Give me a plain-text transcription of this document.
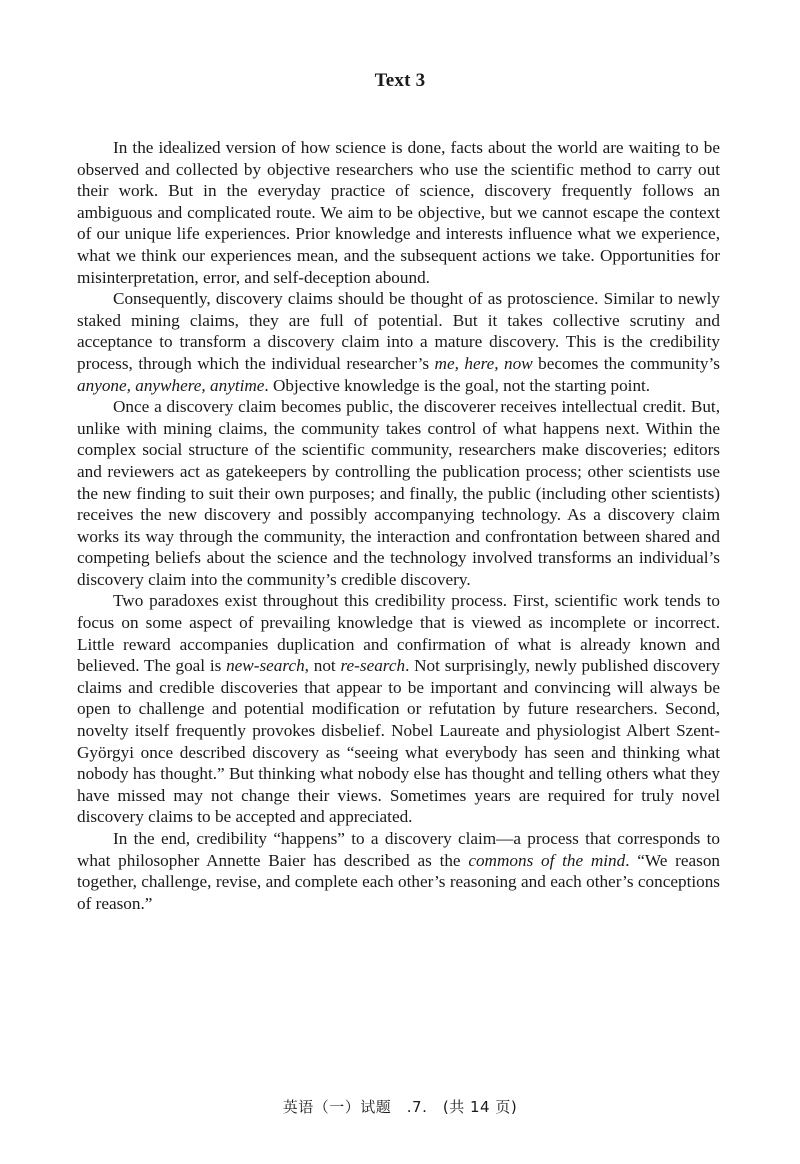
Text 3

In the idealized version of how science is done, facts about the world are waiting to be observed and collected by objective researchers who use the scientific method to carry out their work. But in the everyday practice of science, discovery frequently follows an ambiguous and complicated route. We aim to be objective, but we cannot escape the context of our unique life experiences. Prior knowledge and interests influence what we experience, what we think our experiences mean, and the subsequent actions we take. Opportunities for misinterpretation, error, and self-deception abound.

Consequently, discovery claims should be thought of as protoscience. Similar to newly staked mining claims, they are full of potential. But it takes collective scrutiny and acceptance to transform a discovery claim into a mature discovery. This is the credibility process, through which the individual researcher’s me, here, now becomes the community’s anyone, anywhere, anytime. Objective knowledge is the goal, not the starting point.

Once a discovery claim becomes public, the discoverer receives intellectual credit. But, unlike with mining claims, the community takes control of what happens next. Within the complex social structure of the scientific community, researchers make discoveries; editors and reviewers act as gatekeepers by controlling the publication process; other scientists use the new finding to suit their own purposes; and finally, the public (including other scientists) receives the new discovery and possibly accompanying technology. As a discovery claim works its way through the community, the interaction and confrontation between shared and competing beliefs about the science and the technology involved transforms an individual’s discovery claim into the community’s credible discovery.

Two paradoxes exist throughout this credibility process. First, scientific work tends to focus on some aspect of prevailing knowledge that is viewed as incomplete or incorrect. Little reward accompanies duplication and confirmation of what is already known and believed. The goal is new-search, not re-search. Not surprisingly, newly published discovery claims and credible discoveries that appear to be important and convincing will always be open to challenge and potential modification or refutation by future researchers. Second, novelty itself frequently provokes disbelief. Nobel Laureate and physiologist Albert Szent-Györgyi once described discovery as “seeing what everybody has seen and thinking what nobody has thought.” But thinking what nobody else has thought and telling others what they have missed may not change their views. Sometimes years are required for truly novel discovery claims to be accepted and appreciated.

In the end, credibility “happens” to a discovery claim—a process that corresponds to what philosopher Annette Baier has described as the commons of the mind. “We reason together, challenge, revise, and complete each other’s reasoning and each other’s conceptions of reason.”

英语（一）试题　.7.　(共 14 页)
